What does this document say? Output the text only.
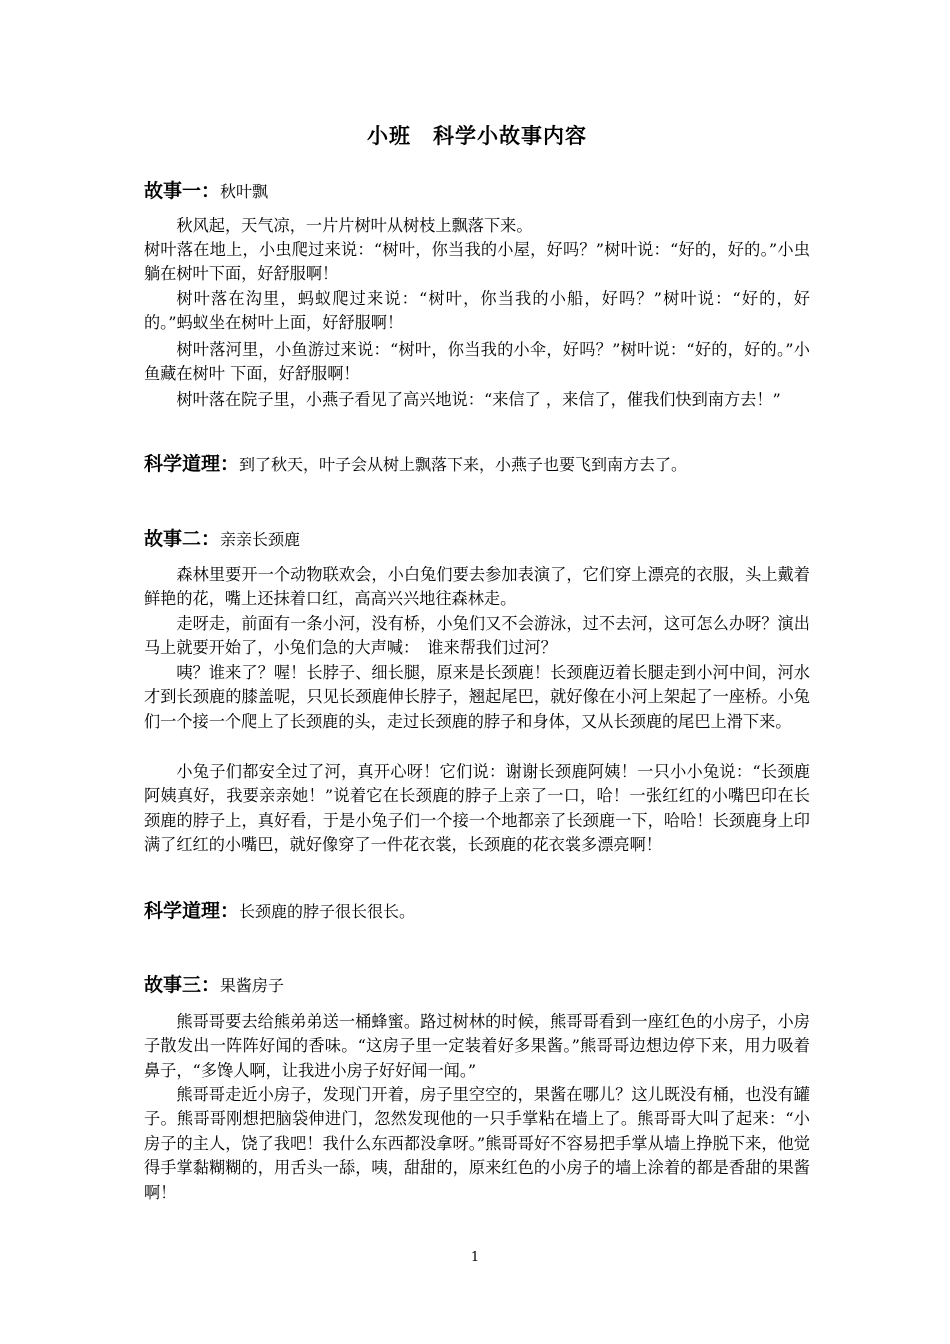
小班　科学小故事内容
故事一：秋叶飘

秋风起，天气凉，一片片树叶从树枝上飘落下来。

树叶落在地上，小虫爬过来说：“树叶，你当我的小屋，好吗？”树叶说：“好的，好的。”小虫躺在树叶下面，好舒服啊！

树叶落在沟里，蚂蚁爬过来说：“树叶，你当我的小船，好吗？”树叶说：“好的，好的。”蚂蚁坐在树叶上面，好舒服啊！

树叶落河里，小鱼游过来说：“树叶，你当我的小伞，好吗？”树叶说：“好的，好的。”小鱼藏在树叶 下面，好舒服啊！

树叶落在院子里，小燕子看见了高兴地说：“来信了 ，来信了，催我们快到南方去！”

科学道理：到了秋天，叶子会从树上飘落下来，小燕子也要飞到南方去了。
故事二：亲亲长颈鹿

森林里要开一个动物联欢会，小白兔们要去参加表演了，它们穿上漂亮的衣服，头上戴着鲜艳的花，嘴上还抹着口红，高高兴兴地往森林走。

走呀走，前面有一条小河，没有桥，小兔们又不会游泳，过不去河，这可怎么办呀？演出马上就要开始了，小兔们急的大声喊：　谁来帮我们过河？

咦？谁来了？喔！长脖子、细长腿，原来是长颈鹿！长颈鹿迈着长腿走到小河中间，河水才到长颈鹿的膝盖呢，只见长颈鹿伸长脖子，翘起尾巴，就好像在小河上架起了一座桥。小兔们一个接一个爬上了长颈鹿的头，走过长颈鹿的脖子和身体，又从长颈鹿的尾巴上滑下来。

小兔子们都安全过了河，真开心呀！它们说：谢谢长颈鹿阿姨！一只小小兔说：“长颈鹿阿姨真好，我要亲亲她！”说着它在长颈鹿的脖子上亲了一口，哈！一张红红的小嘴巴印在长颈鹿的脖子上，真好看，于是小兔子们一个接一个地都亲了长颈鹿一下，哈哈！长颈鹿身上印满了红红的小嘴巴，就好像穿了一件花衣裳，长颈鹿的花衣裳多漂亮啊！

科学道理：长颈鹿的脖子很长很长。
故事三：果酱房子

熊哥哥要去给熊弟弟送一桶蜂蜜。路过树林的时候，熊哥哥看到一座红色的小房子，小房子散发出一阵阵好闻的香味。“这房子里一定装着好多果酱。”熊哥哥边想边停下来，用力吸着鼻子，“多馋人啊，让我进小房子好好闻一闻。”

熊哥哥走近小房子，发现门开着，房子里空空的，果酱在哪儿？这儿既没有桶，也没有罐子。熊哥哥刚想把脑袋伸进门，忽然发现他的一只手掌粘在墙上了。熊哥哥大叫了起来：“小房子的主人，饶了我吧！我什么东西都没拿呀。”熊哥哥好不容易把手掌从墙上挣脱下来，他觉得手掌黏糊糊的，用舌头一舔，咦，甜甜的，原来红色的小房子的墙上涂着的都是香甜的果酱啊！

1
